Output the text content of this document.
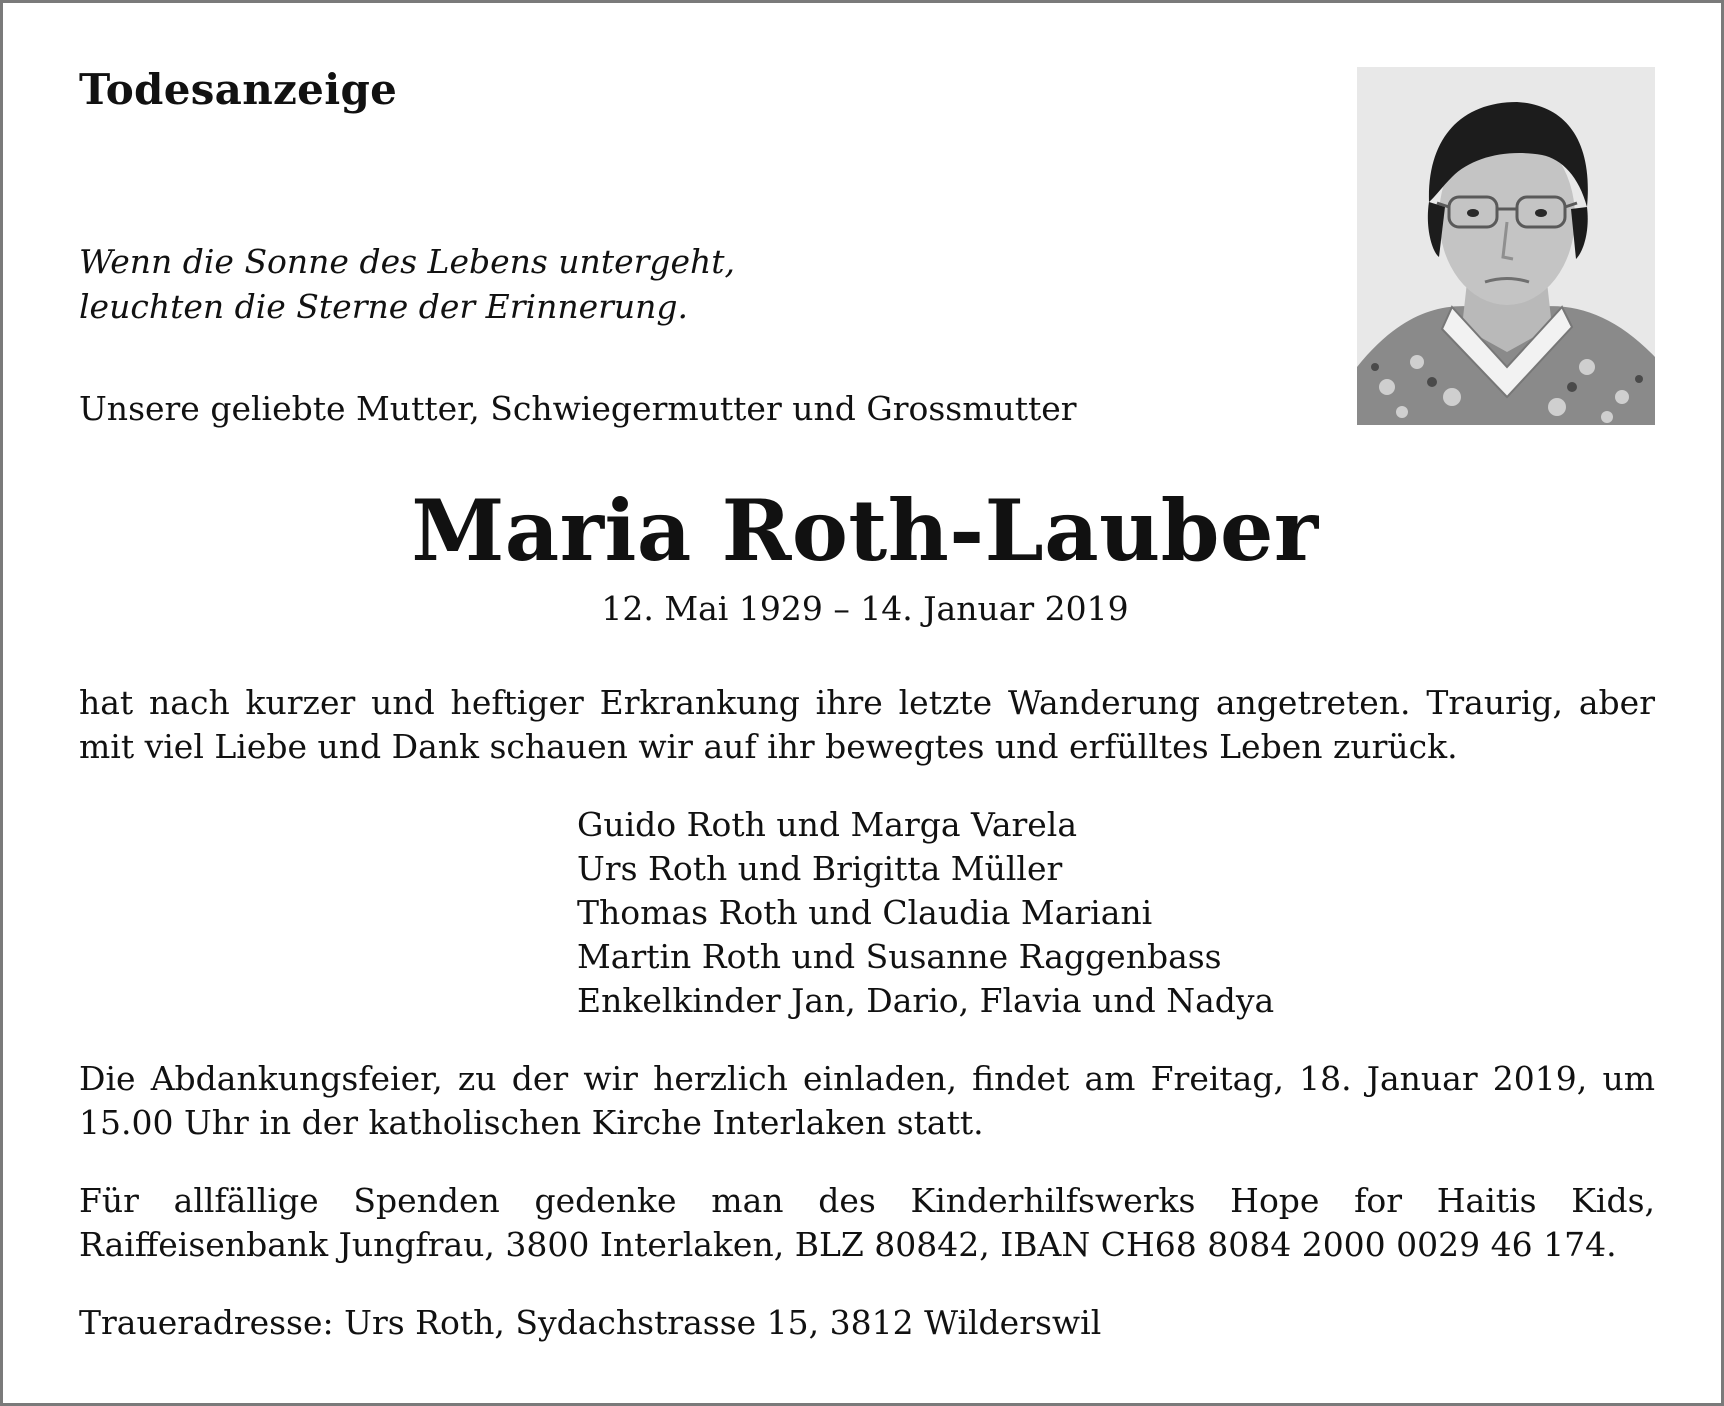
Todesanzeige
Wenn die Sonne des Lebens untergeht,
leuchten die Sterne der Erinnerung.
Unsere geliebte Mutter, Schwiegermutter und Grossmutter
Maria Roth-Lauber
12. Mai 1929 – 14. Januar 2019
hat nach kurzer und heftiger Erkrankung ihre letzte Wanderung angetreten. Traurig, aber mit viel Liebe und Dank schauen wir auf ihr bewegtes und erfülltes Leben zurück.
Guido Roth und Marga Varela
Urs Roth und Brigitta Müller
Thomas Roth und Claudia Mariani
Martin Roth und Susanne Raggenbass
Enkelkinder Jan, Dario, Flavia und Nadya
Die Abdankungsfeier, zu der wir herzlich einladen, findet am Freitag, 18. Januar 2019, um 15.00 Uhr in der katholischen Kirche Interlaken statt.
Für allfällige Spenden gedenke man des Kinderhilfswerks Hope for Haitis Kids, Raiffeisenbank Jungfrau, 3800 Interlaken, BLZ 80842, IBAN CH68 8084 2000 0029 46 174.
Traueradresse: Urs Roth, Sydachstrasse 15, 3812 Wilderswil
